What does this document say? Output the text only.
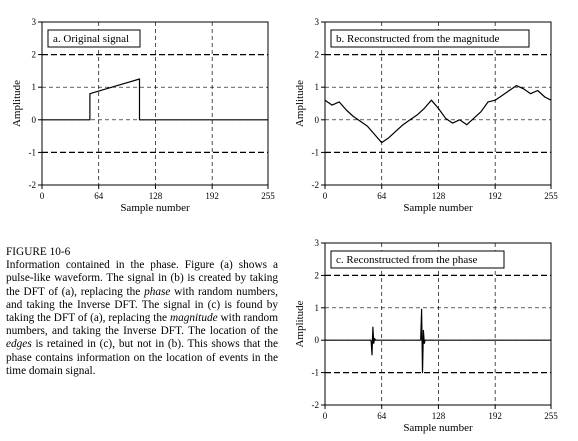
0	64	128	192	255
-2
-1
0
1
2
3
Sample number
Amplitude
a. Original signal
0	64	128	192	255
-2
-1
0
1
2
3
Sample number
Amplitude
b. Reconstructed from the magnitude
0	64	128	192	255
-2
-1
0
1
2
3
Sample number
Amplitude
c. Reconstructed from the phase
FIGURE 10-6
Information contained in the phase. Figure (a) shows a pulse-like waveform. The signal in (b) is created by taking the DFT of (a), replacing the phase with random numbers, and taking the Inverse DFT. The signal in (c) is found by taking the DFT of (a), replacing the magnitude with random numbers, and taking the Inverse DFT. The location of the edges is retained in (c), but not in (b). This shows that the phase contains information on the location of events in the time domain signal.
